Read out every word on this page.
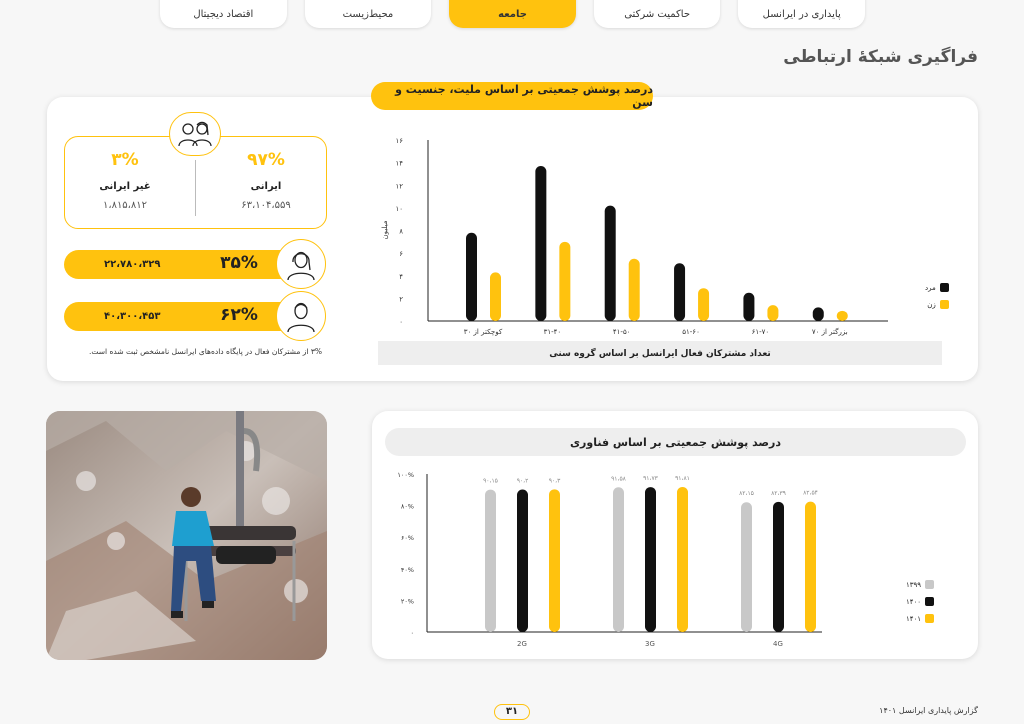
پایداری در ایرانسل
حاکمیت شرکتی
جامعه
محیط‌زیست
اقتصاد دیجیتال
فراگیری شبکهٔ ارتباطی
درصد پوشش جمعیتی بر اساس ملیت، جنسیت و سن
۹۷%
ایرانی
۶۳،۱۰۴،۵۵۹
۳%
غیر ایرانی
۱،۸۱۵،۸۱۲
۳۵%
۲۲،۷۸۰،۳۲۹
۶۲%
۴۰،۳۰۰،۴۵۳
۳% از مشترکان فعال در پایگاه داده‌های ایرانسل نامشخص ثبت شده است.
۰
۲
۴
۶
۸
۱۰
۱۲
۱۴
۱۶
میلیون
کوچکتر از ۳۰	۳۱-۴۰	۴۱-۵۰	۵۱-۶۰	۶۱-۷۰	بزرگتر از ۷۰
تعداد مشترکان فعال ایرانسل بر اساس گروه سنی
مرد
زن
درصد پوشش جمعیتی بر اساس فناوری
۰
۲۰%
۴۰%
۶۰%
۸۰%
۱۰۰%
۹۰،۱۵	۹۰،۲	۹۰،۳
2G
۹۱،۵۸	۹۱،۷۳	۹۱،۸۱
3G
۸۲،۱۵	۸۲،۳۹	۸۲،۵۴
4G
۱۳۹۹
۱۴۰۰
۱۴۰۱
۳۱	گزارش پایداری ایرانسل ۱۴۰۱
